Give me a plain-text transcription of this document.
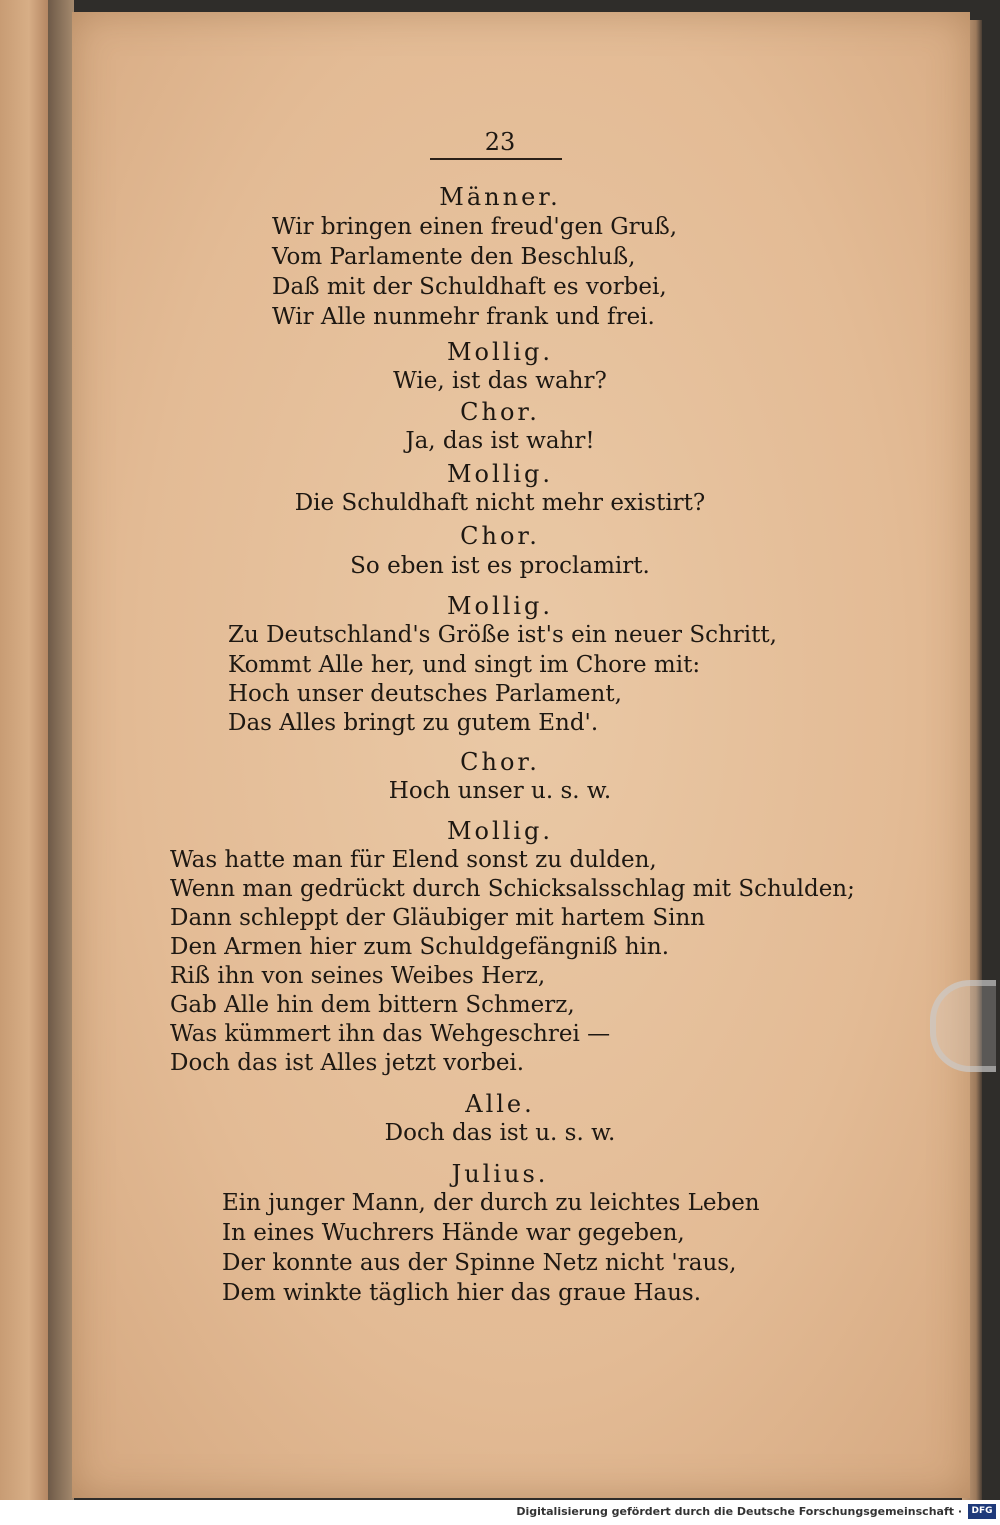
23
Männer.
Wir bringen einen freud'gen Gruß,
Vom Parlamente den Beschluß,
Daß mit der Schuldhaft es vorbei,
Wir Alle nunmehr frank und frei.
Mollig.
Wie, ist das wahr?
Chor.
Ja, das ist wahr!
Mollig.
Die Schuldhaft nicht mehr existirt?
Chor.
So eben ist es proclamirt.
Mollig.
Zu Deutschland's Größe ist's ein neuer Schritt,
Kommt Alle her, und singt im Chore mit:
Hoch unser deutsches Parlament,
Das Alles bringt zu gutem End'.
Chor.
Hoch unser u. s. w.
Mollig.
Was hatte man für Elend sonst zu dulden,
Wenn man gedrückt durch Schicksalsschlag mit Schulden;
Dann schleppt der Gläubiger mit hartem Sinn
Den Armen hier zum Schuldgefängniß hin.
Riß ihn von seines Weibes Herz,
Gab Alle hin dem bittern Schmerz,
Was kümmert ihn das Wehgeschrei —
Doch das ist Alles jetzt vorbei.
Alle.
Doch das ist u. s. w.
Julius.
Ein junger Mann, der durch zu leichtes Leben
In eines Wuchrers Hände war gegeben,
Der konnte aus der Spinne Netz nicht 'raus,
Dem winkte täglich hier das graue Haus.
Digitalisierung gefördert durch die Deutsche Forschungsgemeinschaft ·	DFG
